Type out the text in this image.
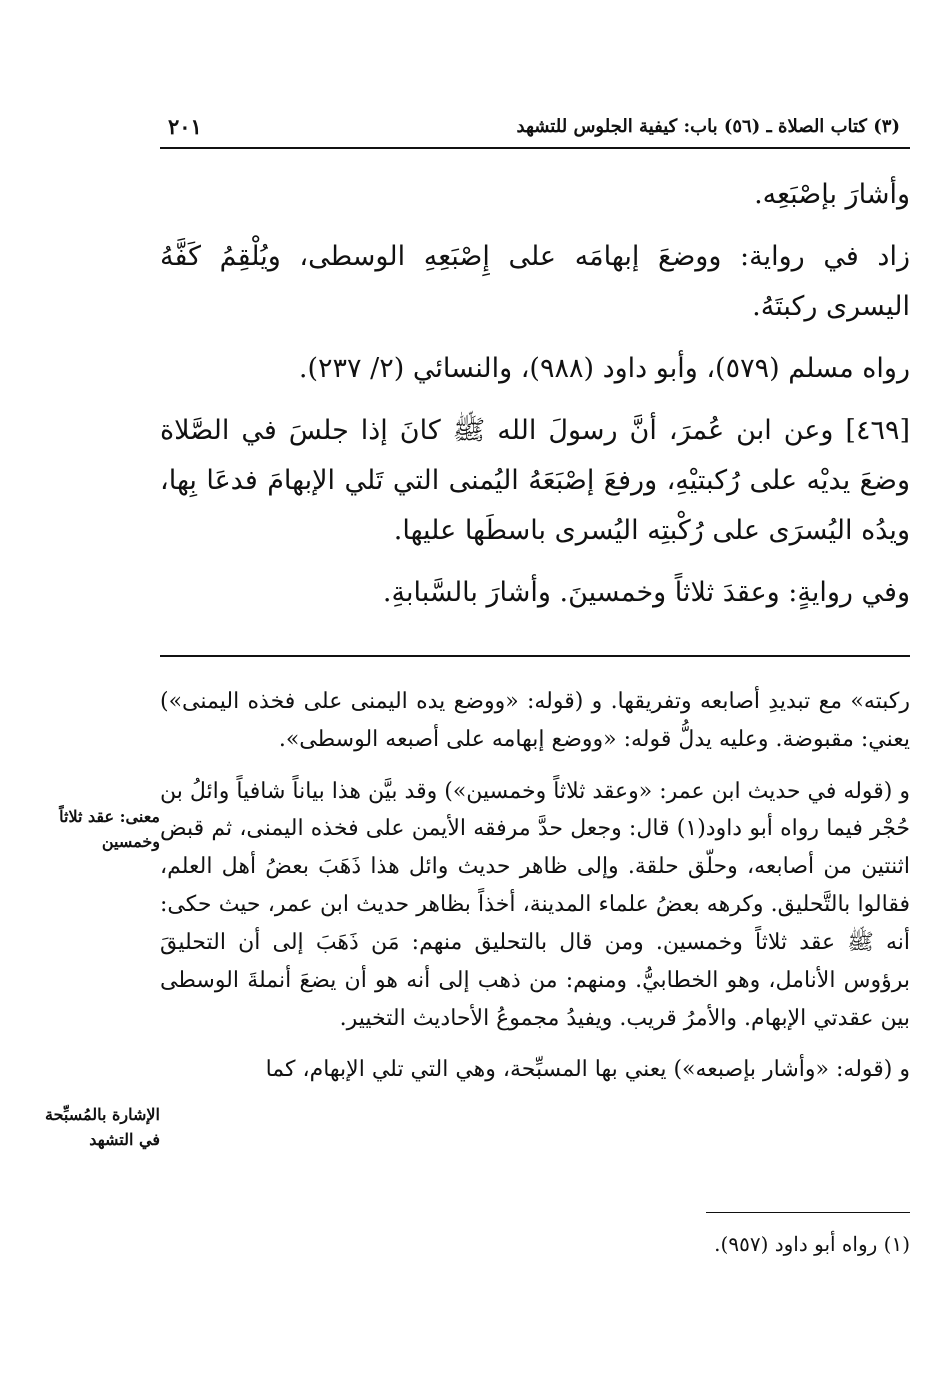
٢٠١	(٣) كتاب الصلاة ـ (٥٦) باب: كيفية الجلوس للتشهد

وأشارَ بإصْبَعِه.

زاد في رواية: ووضعَ إبهامَه على إِصْبَعِهِ الوسطى، ويُلْقِمُ كَفَّهُ اليسرى ركبتَهُ.

رواه مسلم (٥٧٩)، وأبو داود (٩٨٨)، والنسائي (٢/ ٢٣٧).

[٤٦٩] وعن ابن عُمرَ، أنَّ رسولَ الله ﷺ كانَ إذا جلسَ في الصَّلاة وضعَ يديْه على رُكبتيْهِ، ورفعَ إصْبَعَهُ اليُمنى التي تَلي الإبهامَ فدعَا بِها، ويدُه اليُسرَى على رُكْبتِه اليُسرى باسطَها عليها.

وفي روايةٍ: وعقدَ ثلاثاً وخمسينَ. وأشارَ بالسَّبابةِ.

ركبته» مع تبديدِ أصابعه وتفريقها. و (قوله: «ووضع يده اليمنى على فخذه اليمنى») يعني: مقبوضة. وعليه يدلُّ قوله: «ووضع إبهامه على أصبعه الوسطى».

و (قوله في حديث ابن عمر: «وعقد ثلاثاً وخمسين») وقد بيَّن هذا بياناً شافياً وائلُ بن حُجْر فيما رواه أبو داود(١) قال: وجعل حدَّ مرفقه الأيمن على فخذه اليمنى، ثم قبض اثنتين من أصابعه، وحلّق حلقة. وإلى ظاهر حديث وائل هذا ذَهَبَ بعضُ أهل العلم، فقالوا بالتَّحليق. وكرهه بعضُ علماء المدينة، أخذاً بظاهر حديث ابن عمر، حيث حكى: أنه ﷺ عقد ثلاثاً وخمسين. ومن قال بالتحليق منهم: مَن ذَهَبَ إلى أن التحليقَ برؤوس الأنامل، وهو الخطابيُّ. ومنهم: من ذهب إلى أنه هو أن يضعَ أنملةَ الوسطى بين عقدتي الإبهام. والأمرُ قريب. ويفيدُ مجموعُ الأحاديث التخيير.

و (قوله: «وأشار بإصبعه») يعني بها المسبِّحة، وهي التي تلي الإبهام، كما

معنى: عقد ثلاثاً وخمسين
الإشارة بالمُسبِّحة في التشهد
(١) رواه أبو داود (٩٥٧).
